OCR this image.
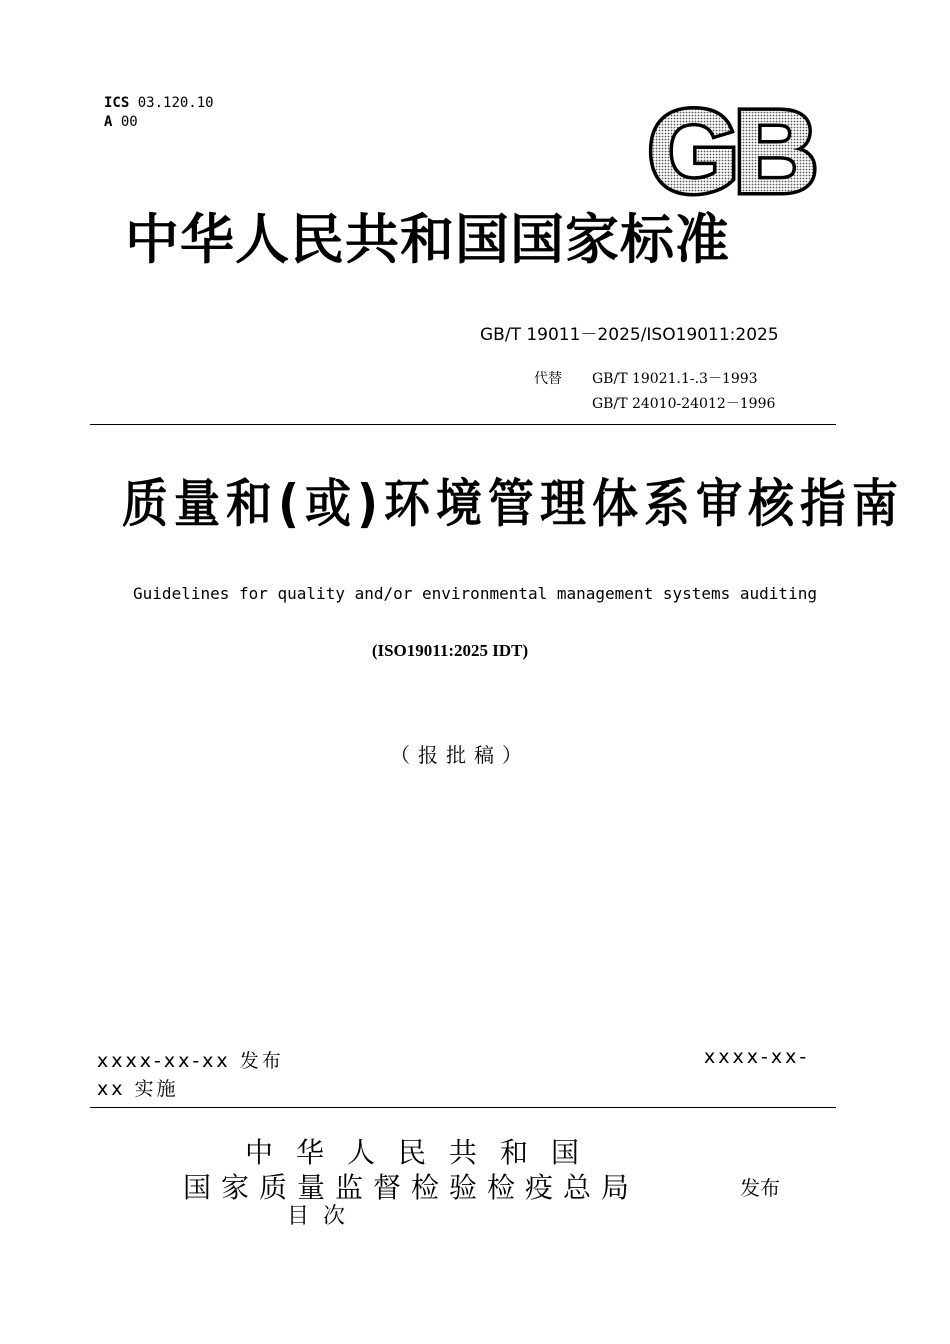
ICS 03.120.10
A 00	GB
中华人民共和国国家标准
GB/T 19011－2025/ISO19011:2025
代替 GB/T 19021.1-.3－1993
GB/T 24010-24012－1996
质量和(或)环境管理体系审核指南
Guidelines for quality and/or environmental management systems auditing
(ISO19011:2025 IDT)
（报批稿）
xxxx-xx-xx 发布	xxxx-xx-
xx 实施
中华人民共和国
国家质量监督检验检疫总局	发布
目次
